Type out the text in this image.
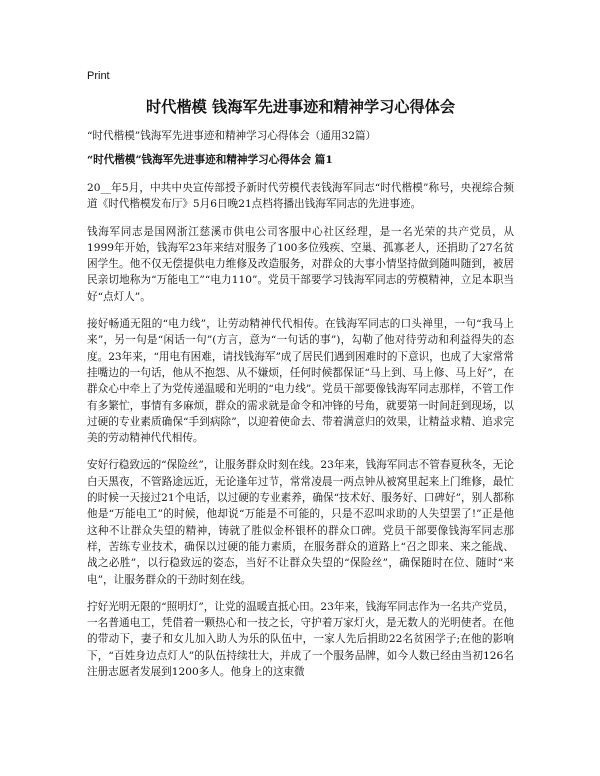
Print
时代楷模 钱海军先进事迹和精神学习心得体会
“时代楷模”钱海军先进事迹和精神学习心得体会（通用32篇）
“时代楷模”钱海军先进事迹和精神学习心得体会 篇1

20__年5月，中共中央宣传部授予新时代劳模代表钱海军同志“时代楷模”称号，央视综合频道《时代楷模发布厅》5月6日晚21点档将播出钱海军同志的先进事迹。

钱海军同志是国网浙江慈溪市供电公司客服中心社区经理，是一名光荣的共产党员，从1999年开始，钱海军23年来结对服务了100多位残疾、空巢、孤寡老人，还捐助了27名贫困学生。他不仅无偿提供电力维修及改造服务，对群众的大事小情坚持做到随叫随到，被居民亲切地称为“万能电工”“电力110”。党员干部要学习钱海军同志的劳模精神，立足本职当好“点灯人”。

接好畅通无阻的“电力线”，让劳动精神代代相传。在钱海军同志的口头禅里，一句“我马上来”，另一句是“闲话一句”(方言，意为“一句话的事”)，勾勒了他对待劳动和利益得失的态度。23年来，“用电有困难，请找钱海军”成了居民们遇到困难时的下意识，也成了大家常常挂嘴边的一句话，他从不抱怨、从不嫌烦，任何时候都保证“马上到、马上修、马上好”，在群众心中牵上了为党传递温暖和光明的“电力线”。党员干部要像钱海军同志那样，不管工作有多繁忙，事情有多麻烦，群众的需求就是命令和冲锋的号角，就要第一时间赶到现场，以过硬的专业素质确保“手到病除”，以迎着使命去、带着满意归的效果，让精益求精、追求完美的劳动精神代代相传。

安好行稳致远的“保险丝”，让服务群众时刻在线。23年来，钱海军同志不管春夏秋冬，无论白天黑夜，不管路途远近，无论逢年过节，常常凌晨一两点钟从被窝里起来上门维修，最忙的时候一天接过21个电话，以过硬的专业素养，确保“技术好、服务好、口碑好”，别人都称他是“万能电工”的时候，他却说“万能是不可能的，只是不忍叫求助的人失望罢了!”正是他这种不让群众失望的精神，铸就了胜似金杯银杯的群众口碑。党员干部要像钱海军同志那样，苦练专业技术，确保以过硬的能力素质，在服务群众的道路上“召之即来、来之能战、战之必胜”，以行稳致远的姿态，当好不让群众失望的“保险丝”，确保随时在位、随时“来电”，让服务群众的干劲时刻在线。

拧好光明无限的“照明灯”，让党的温暖直抵心田。23年来，钱海军同志作为一名共产党员，一名普通电工，凭借着一颗热心和一技之长，守护着万家灯火，是无数人的光明使者。在他的带动下，妻子和女儿加入助人为乐的队伍中，一家人先后捐助22名贫困学子;在他的影响下，“百姓身边点灯人”的队伍持续壮大，并成了一个服务品牌，如今人数已经由当初126名注册志愿者发展到1200多人。他身上的这束微
